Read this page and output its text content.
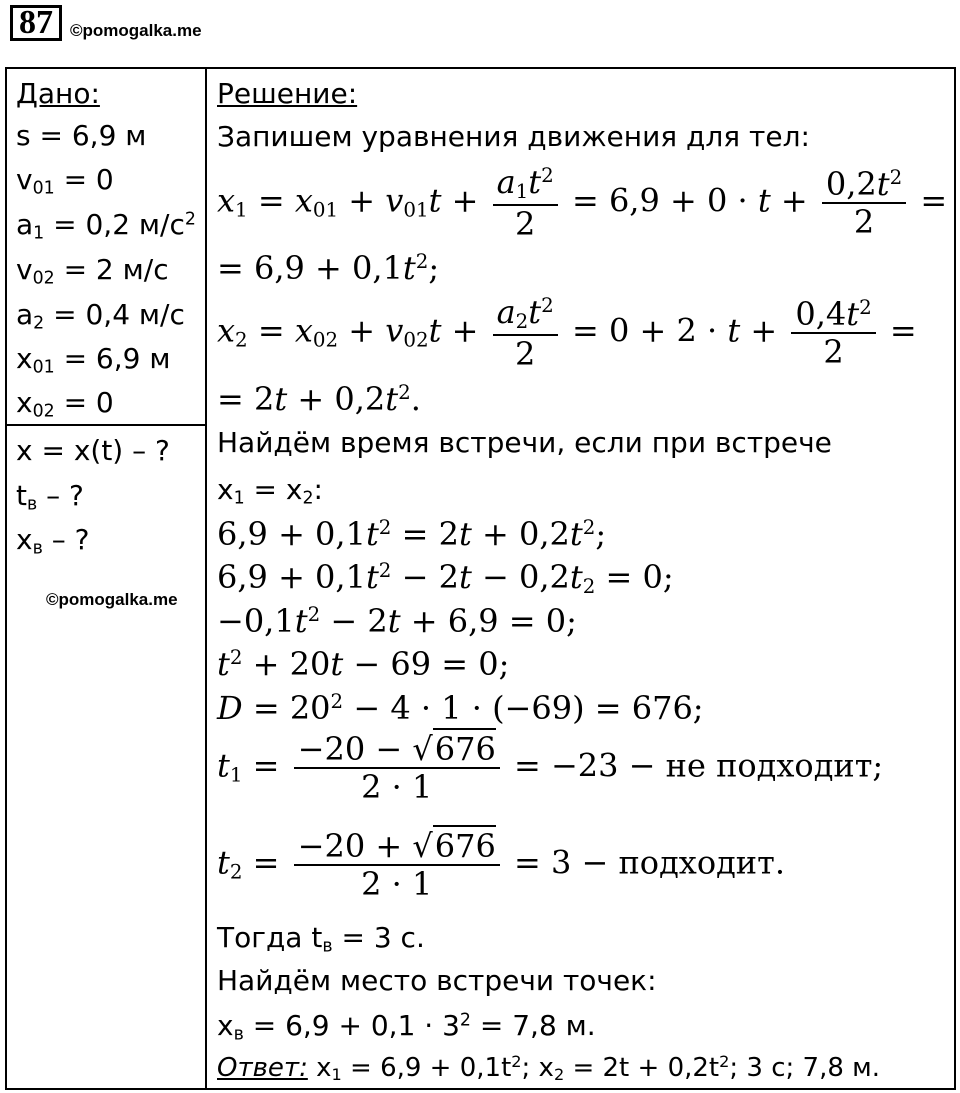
87	©pomogalka.me
Дано:
s = 6,9 м
$v_{01} = 0$
$a_1 = 0,2$ $м/с^2$
$v_{02} = 2$ м/с
$a_2 = 0,4$ м/с
$x_{01} = 6,9$ м
$x_{02} = 0$
x = x(t) – ?
$t_в$ – ?
$x_в$ – ?
©pomogalka.me
Решение:
Запишем уравнения движения для тел:
$x_1 = x_{01} + v_{01}t + \frac{a_1t^2}{2} = 6,9 + 0 \cdot t + \frac{0,2t^2}{2}$ =
= $6,9 + 0,1t^2$;
$x_2 = x_{02} + v_{02}t + \frac{a_2t^2}{2} = 0 + 2 \cdot t + \frac{0,4t^2}{2}$ =
= $2t + 0,2t^2$.
Найдём время встречи, если при встрече
$x_1 = x_2$:
$6,9 + 0,1t^2 = 2t + 0,2t^2$;
$6,9 + 0,1t^2 - 2t - 0,2t_2 = 0$;
$-0,1t^2 - 2t + 6,9 = 0$;
$t^2 + 20t - 69 = 0$;
$D = 20^2 - 4 \cdot 1 \cdot (-69) = 676$;
$t_1 = \frac{-20 - √676}{2 \cdot 1} = -23$ − не подходит;
$t_2 = \frac{-20 + √676}{2 \cdot 1} = 3$ − подходит.
Тогда $t_в = 3$ с.
Найдём место встречи точек:
$x_в = 6,9 + 0,1 \cdot 3^2 = 7,8$ м.
Ответ: $x_1 = 6,9 + 0,1t^2$; $x_2 = 2t + 0,2t^2$; 3 с; 7,8 м.
